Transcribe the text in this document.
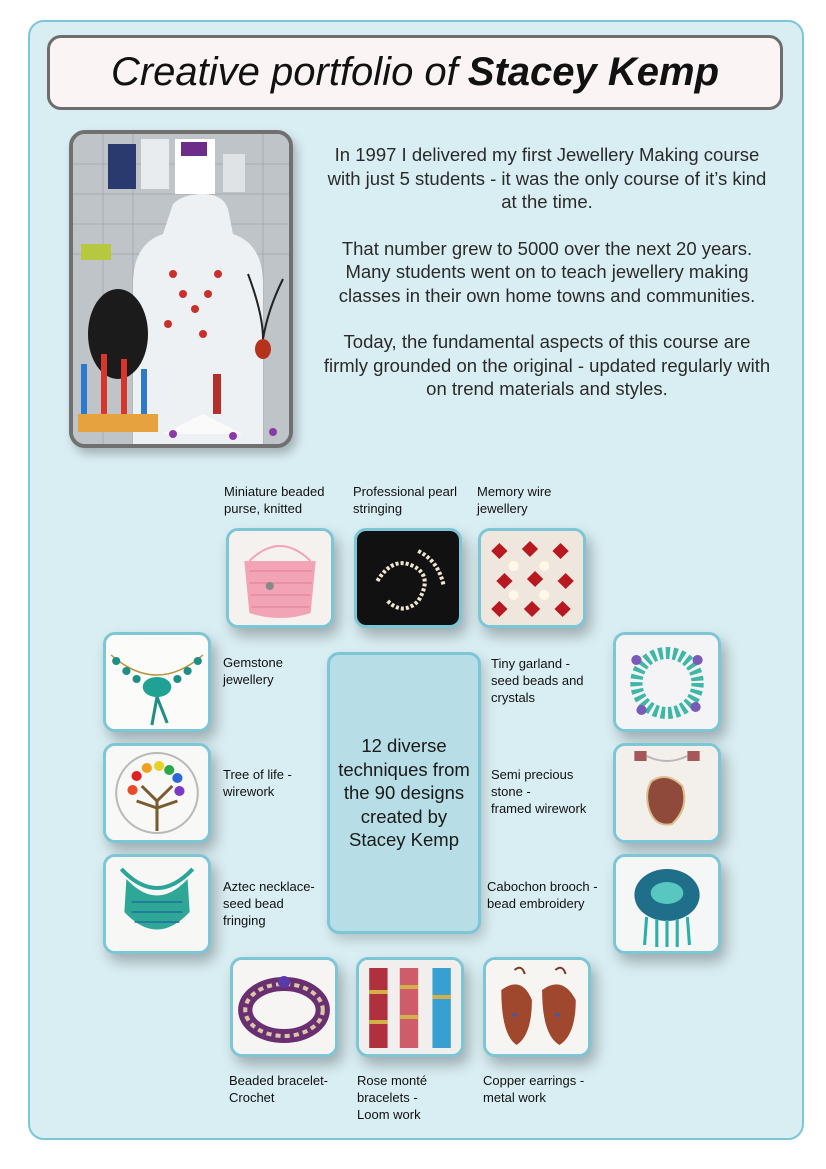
Creative portfolio of Stacey Kemp

In 1997 I delivered my first Jewellery Making course with just 5 students - it was the only course of it’s kind at the time.

That number grew to 5000 over the next 20 years. Many students went on to teach jewellery making classes in their own home towns and communities.

Today, the fundamental aspects of this course are firmly grounded on the original - updated regularly with on trend materials and styles.

12 diverse techniques from the 90 designs created by Stacey Kemp
Miniature beaded
purse, knitted
Professional pearl
stringing
Memory wire
jewellery
Gemstone
jewellery
Tiny garland -
seed beads and
crystals
Tree of life -
wirework
Semi precious
stone -
framed wirework
Aztec necklace-
seed bead
fringing
Cabochon brooch -
bead embroidery
Beaded bracelet-
Crochet
Rose monté
bracelets -
Loom work
Copper earrings -
metal work
